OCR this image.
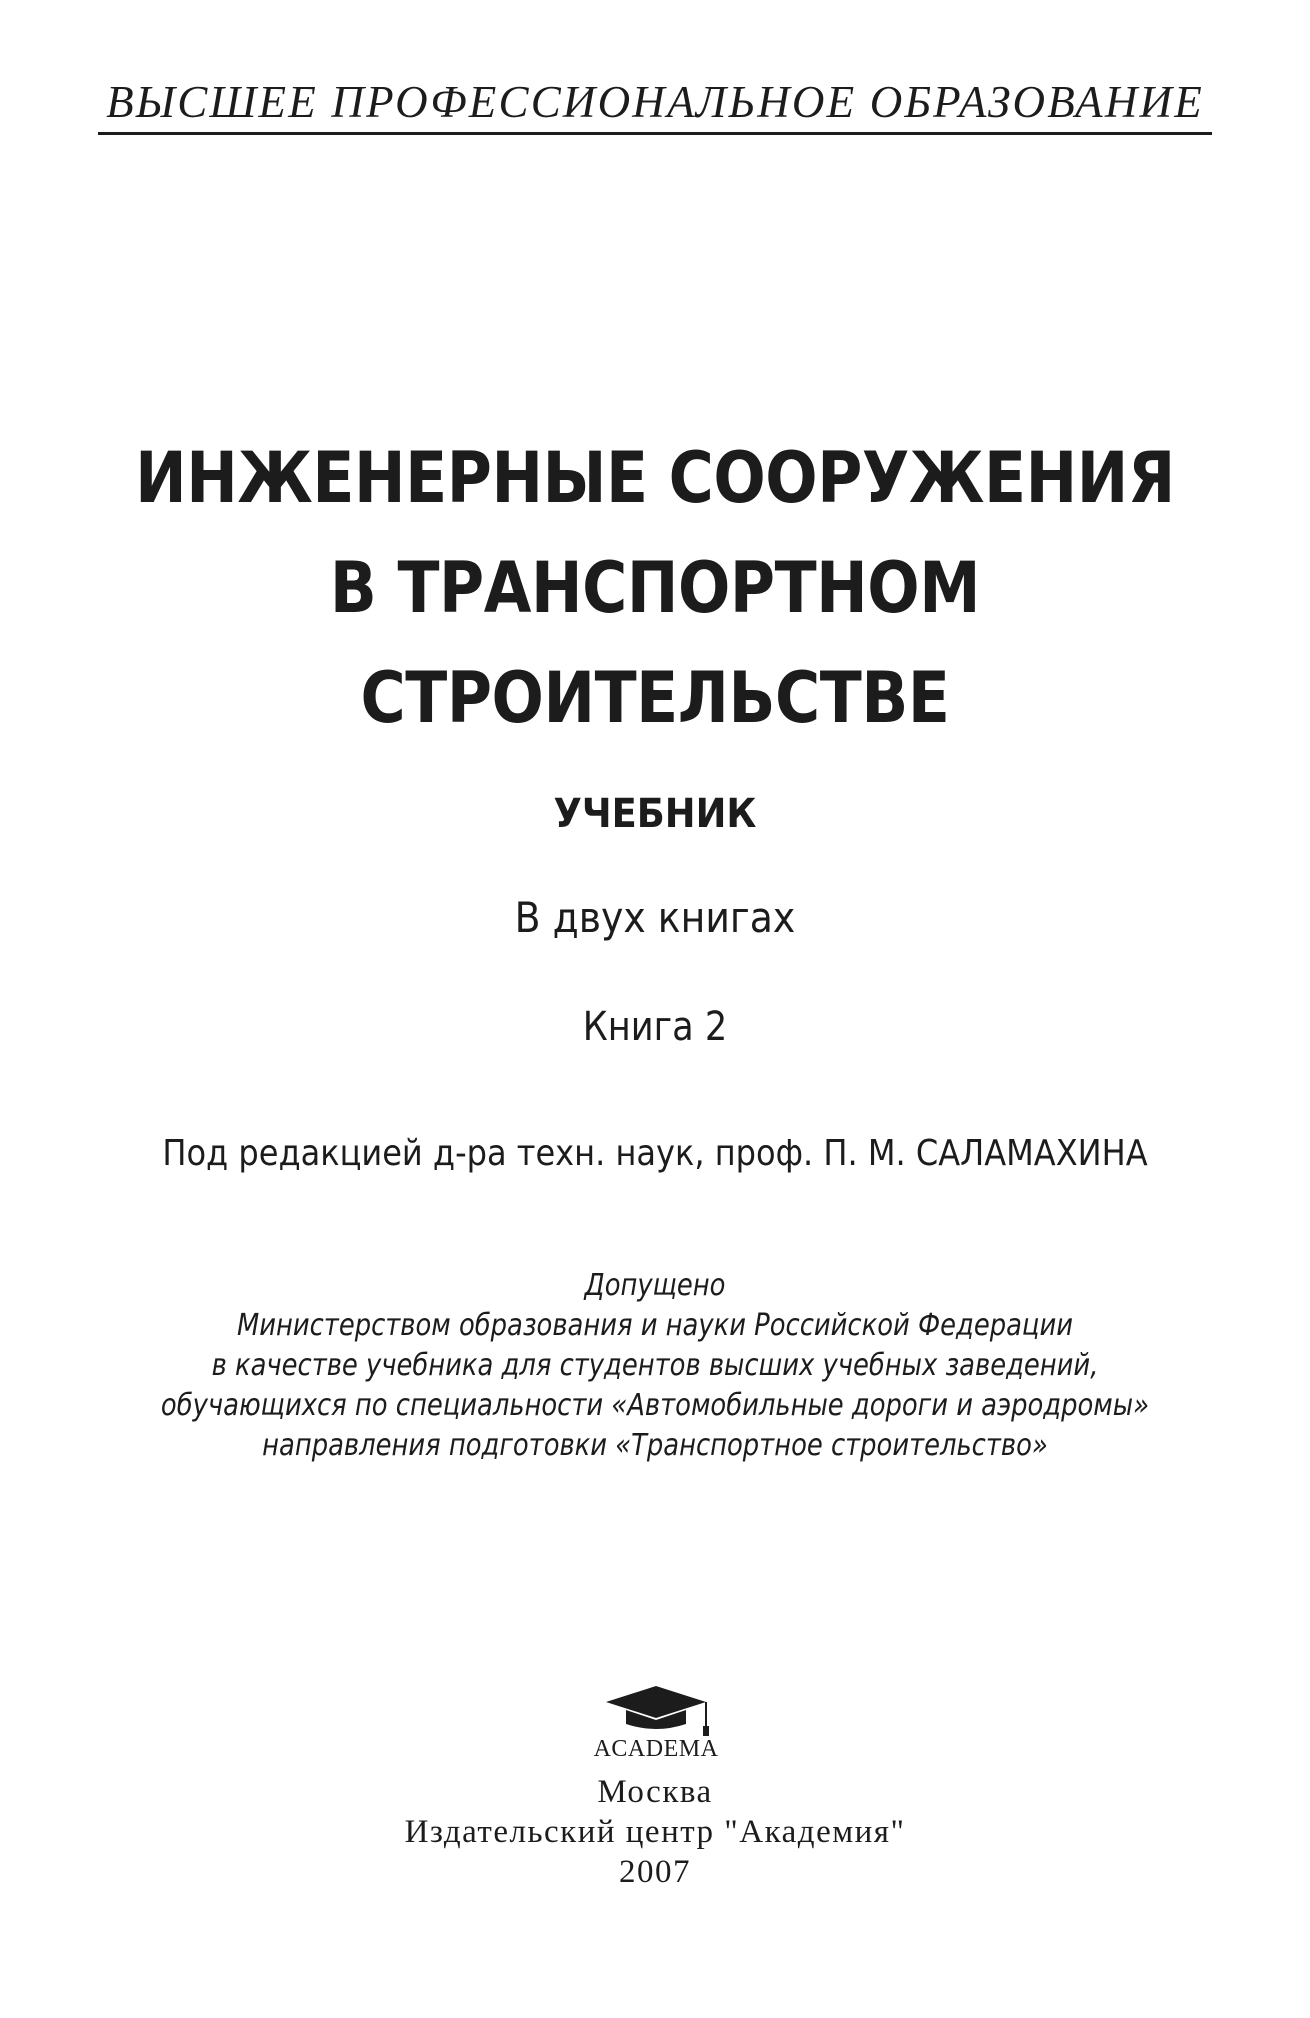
ВЫСШЕЕ ПРОФЕССИОНАЛЬНОЕ ОБРАЗОВАНИЕ
ИНЖЕНЕРНЫЕ СООРУЖЕНИЯ
В ТРАНСПОРТНОМ
СТРОИТЕЛЬСТВЕ
УЧЕБНИК
В двух книгах
Книга 2
Под редакцией д-ра техн. наук, проф. П. М. САЛАМАХИНА
Допущено
Министерством образования и науки Российской Федерации
в качестве учебника для студентов высших учебных заведений,
обучающихся по специальности «Автомобильные дороги и аэродромы»
направления подготовки «Транспортное строительство»
ACADEMA
Москва
Издательский центр "Академия"
2007
